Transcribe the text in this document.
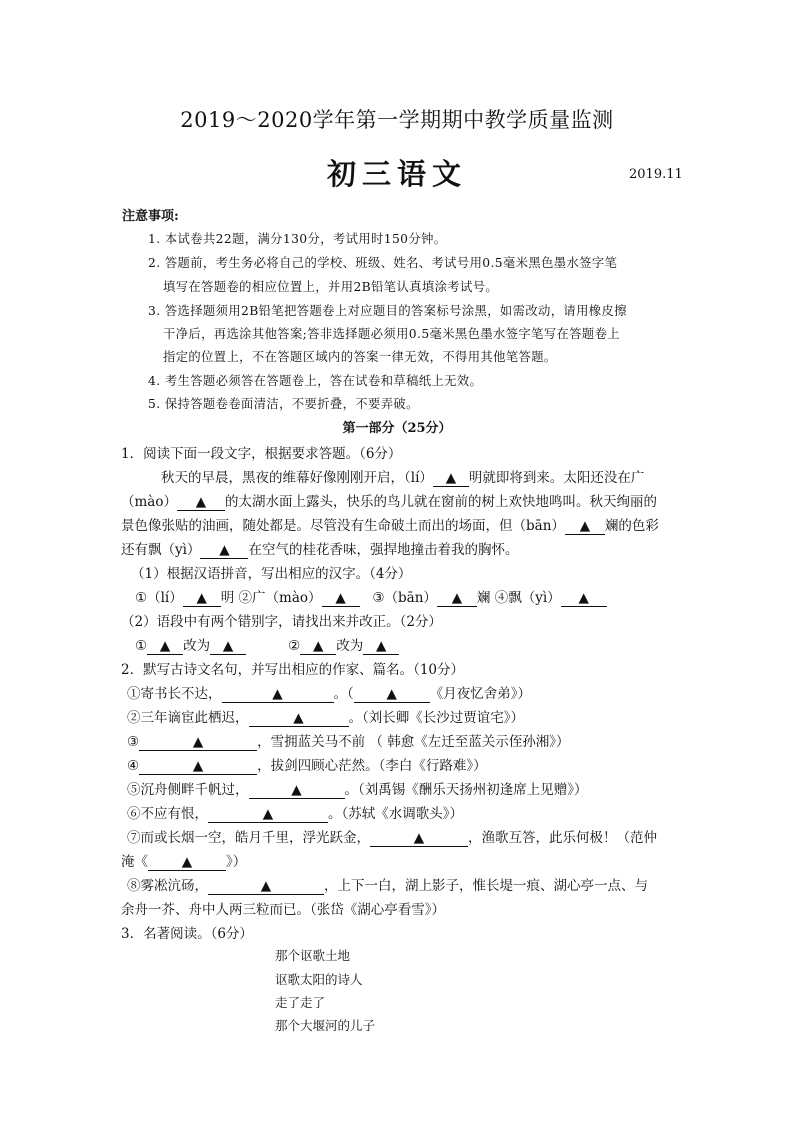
2019～2020学年第一学期期中教学质量监测
初三语文	2019.11
注意事项:
1. 本试卷共22题，满分130分，考试用时150分钟。
2. 答题前，考生务必将自己的学校、班级、姓名、考试号用0.5毫米黑色墨水签字笔
填写在答题卷的相应位置上，并用2B铅笔认真填涂考试号。
3. 答选择题须用2B铅笔把答题卷上对应题目的答案标号涂黑，如需改动，请用橡皮擦
干净后，再选涂其他答案;答非选择题必须用0.5毫米黑色墨水签字笔写在答题卷上
指定的位置上，不在答题区域内的答案一律无效，不得用其他笔答题。
4. 考生答题必须答在答题卷上，答在试卷和草稿纸上无效。
5. 保持答题卷卷面清洁，不要折叠，不要弄破。
第一部分（25分）
1．阅读下面一段文字，根据要求答题。（6分）
秋天的早晨，黑夜的维幕好像刚刚开启，（lí） ▲ 明就即将到来。太阳还没在广
（mào） ▲ 的太湖水面上露头，快乐的鸟儿就在窗前的树上欢快地鸣叫。秋天绚丽的
景色像张贴的油画，随处都是。尽管没有生命破土而出的场面，但（bān） ▲ 斓的色彩
还有飘（yì） ▲ 在空气的桂花香味，强捍地撞击着我的胸怀。
（1）根据汉语拼音，写出相应的汉字。（4分）
①（lí） ▲ 明 ②广（mào） ▲ ③（bān） ▲ 斓 ④飘（yì） ▲
（2）语段中有两个错别字，请找出来并改正。（2分）
① ▲ 改为 ▲	② ▲ 改为 ▲
2．默写古诗文名句，并写出相应的作家、篇名。（10分）
①寄书长不达，	▲	。（ ▲ 《月夜忆舍弟》）
②三年谪宦此栖迟，	▲	。（刘长卿《长沙过贾谊宅》）
③	▲	，雪拥蓝关马不前 （ 韩愈《左迁至蓝关示侄孙湘》）
④	▲	，拔剑四顾心茫然。（李白《行路难》）
⑤沉舟侧畔千帆过，	▲	。（刘禹锡《酬乐天扬州初逢席上见赠》）
⑥不应有恨，	▲	。（苏轼《水调歌头》）
⑦而或长烟一空，皓月千里，浮光跃金，	▲	，渔歌互答，此乐何极！（范仲
淹《	▲	》）
⑧雾凇沆砀，	▲	，上下一白，湖上影子，惟长堤一痕、湖心亭一点、与
余舟一芥、舟中人两三粒而已。（张岱《湖心亭看雪》）
3．名著阅读。（6分）
那个讴歌土地
讴歌太阳的诗人
走了走了
那个大堰河的儿子
